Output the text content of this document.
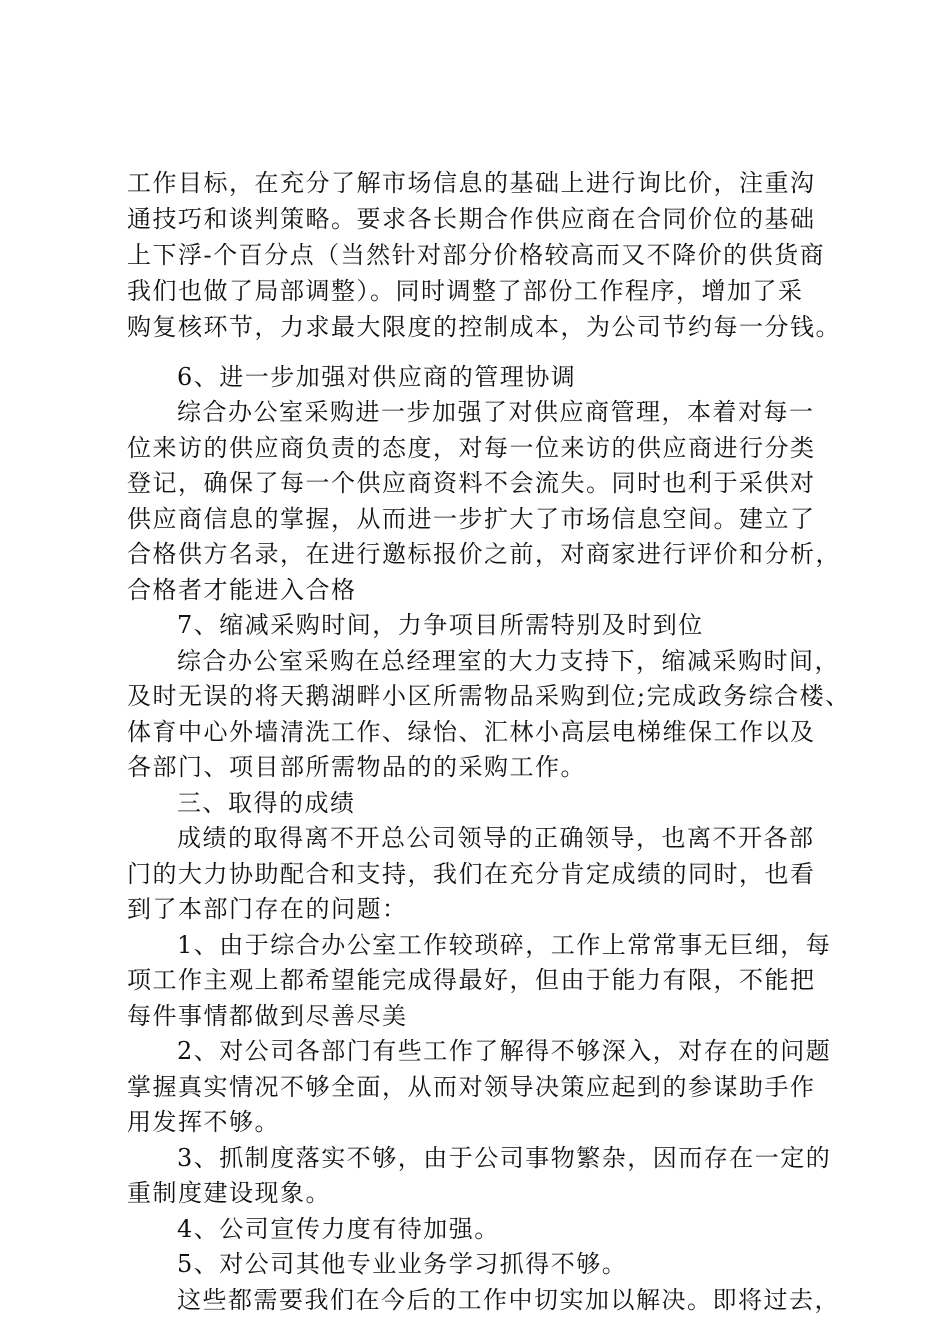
工作目标，在充分了解市场信息的基础上进行询比价，注重沟
通技巧和谈判策略。要求各长期合作供应商在合同价位的基础
上下浮-个百分点（当然针对部分价格较高而又不降价的供货商
我们也做了局部调整）。同时调整了部份工作程序，增加了采
购复核环节，力求最大限度的控制成本，为公司节约每一分钱。
6、进一步加强对供应商的管理协调
综合办公室采购进一步加强了对供应商管理，本着对每一
位来访的供应商负责的态度，对每一位来访的供应商进行分类
登记，确保了每一个供应商资料不会流失。同时也利于采供对
供应商信息的掌握，从而进一步扩大了市场信息空间。建立了
合格供方名录，在进行邀标报价之前，对商家进行评价和分析，
合格者才能进入合格
7、缩减采购时间，力争项目所需特别及时到位
综合办公室采购在总经理室的大力支持下，缩减采购时间，
及时无误的将天鹅湖畔小区所需物品采购到位;完成政务综合楼、
体育中心外墙清洗工作、绿怡、汇林小高层电梯维保工作以及
各部门、项目部所需物品的的采购工作。
三、取得的成绩
成绩的取得离不开总公司领导的正确领导，也离不开各部
门的大力协助配合和支持，我们在充分肯定成绩的同时，也看
到了本部门存在的问题：
1、由于综合办公室工作较琐碎，工作上常常事无巨细，每
项工作主观上都希望能完成得最好，但由于能力有限，不能把
每件事情都做到尽善尽美
2、对公司各部门有些工作了解得不够深入，对存在的问题
掌握真实情况不够全面，从而对领导决策应起到的参谋助手作
用发挥不够。
3、抓制度落实不够，由于公司事物繁杂，因而存在一定的
重制度建设现象。
4、公司宣传力度有待加强。
5、对公司其他专业业务学习抓得不够。
这些都需要我们在今后的工作中切实加以解决。即将过去，
